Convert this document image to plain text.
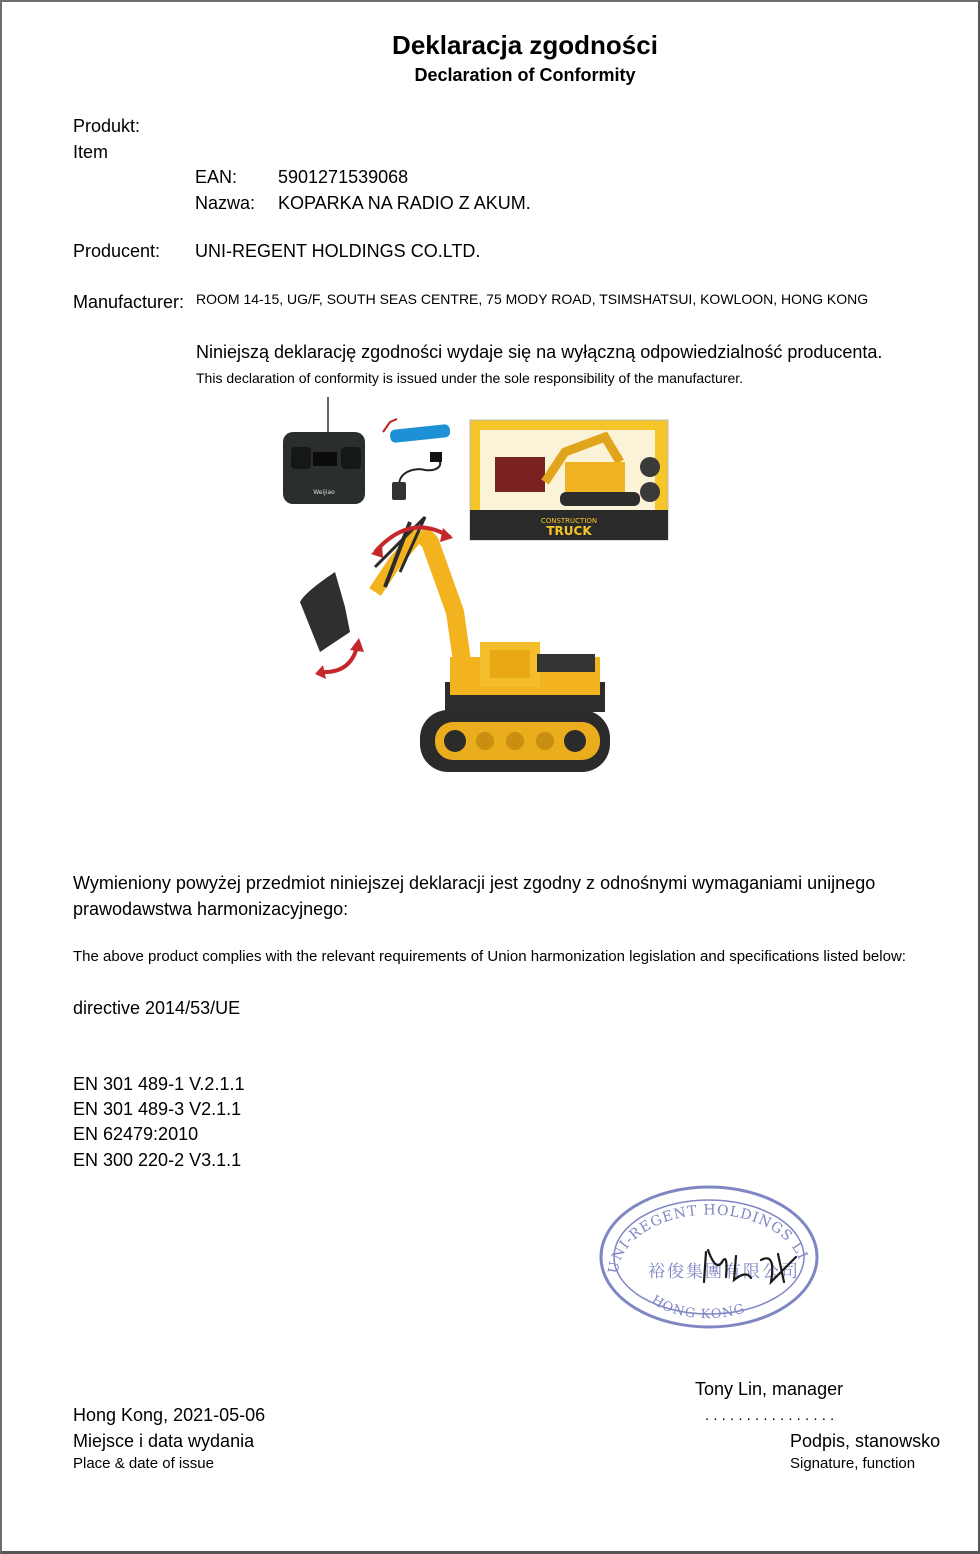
Deklaracja zgodności
Declaration of Conformity
Produkt:
Item
EAN: 5901271539068
Nazwa: KOPARKA NA RADIO Z AKUM.
Producent: UNI-REGENT HOLDINGS CO.LTD.
Manufacturer: ROOM 14-15, UG/F, SOUTH SEAS CENTRE, 75 MODY ROAD, TSIMSHATSUI, KOWLOON, HONG KONG
Niniejszą deklarację zgodności wydaje się na wyłączną odpowiedzialność producenta.
This declaration of conformity is issued under the sole responsibility of the manufacturer.
Weijiao
CONSTRUCTION
TRUCK
Wymieniony powyżej przedmiot niniejszej deklaracji jest zgodny z odnośnymi wymaganiami unijnego
prawodawstwa harmonizacyjnego:
The above product complies with the relevant requirements of Union harmonization legislation and specifications listed below:
directive 2014/53/UE
EN 301 489-1 V.2.1.1
EN 301 489-3 V2.1.1
EN 62479:2010
EN 300 220-2 V3.1.1
UNI-REGENT HOLDINGS LIMITED
HONG KONG
裕俊集團有限公司
Hong Kong, 2021-05-06
Miejsce i data wydania
Place & date of issue
Tony Lin, manager
. . . . . . . . . . . . . . . .
Podpis, stanowsko
Signature, function
